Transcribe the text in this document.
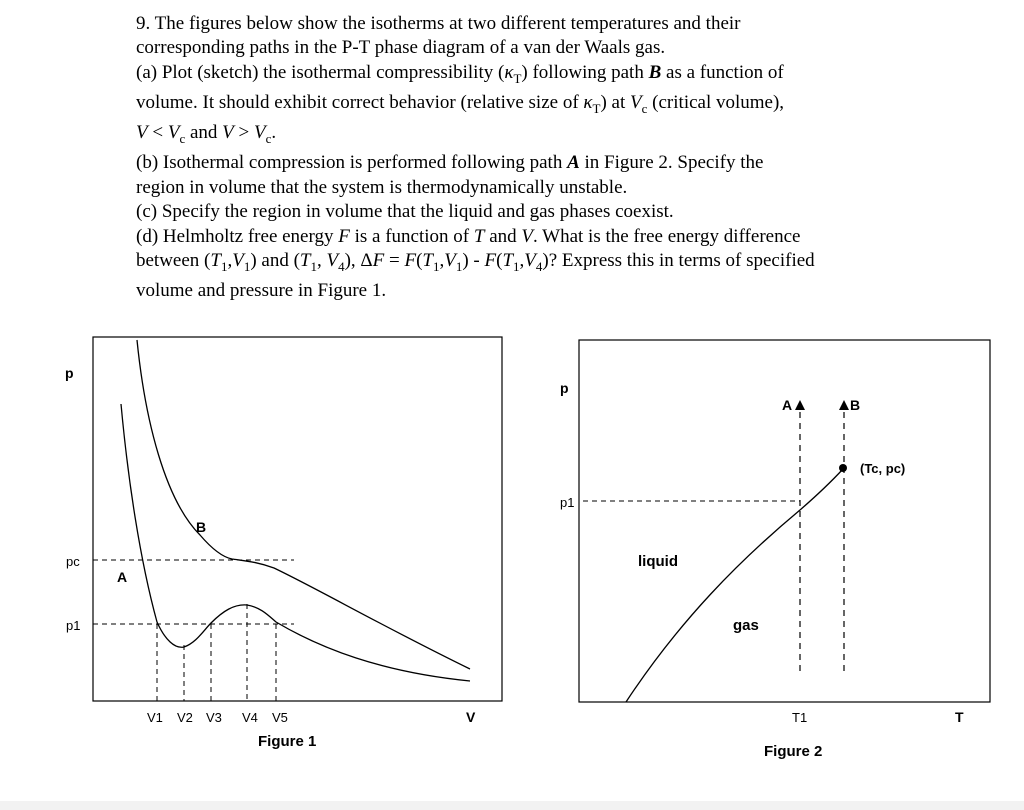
9. The figures below show the isotherms at two different temperatures and their

corresponding paths in the P-T phase diagram of a van der Waals gas.

(a) Plot (sketch) the isothermal compressibility $(\kappa_T)$ following path B as a function of

volume. It should exhibit correct behavior (relative size of $\kappa_T$) at $V_c$ (critical volume),

$V < V_c$ and $V > V_c$.

(b) Isothermal compression is performed following path A in Figure 2. Specify the

region in volume that the system is thermodynamically unstable.

(c) Specify the region in volume that the liquid and gas phases coexist.

(d) Helmholtz free energy F is a function of T and V. What is the free energy difference

between $(T_1,V_1)$ and ($T_1$, $V_4$), $\Delta F = F(T_1,V_1) - F(T_1,V_4)$? Express this in terms of specified

volume and pressure in Figure 1.

p
pc
p1
A
B
V1 V2 V3 V4 V5	V
Figure 1
p
p1
A	B
(Tc, pc)
liquid
gas
T1	T
Figure 2
